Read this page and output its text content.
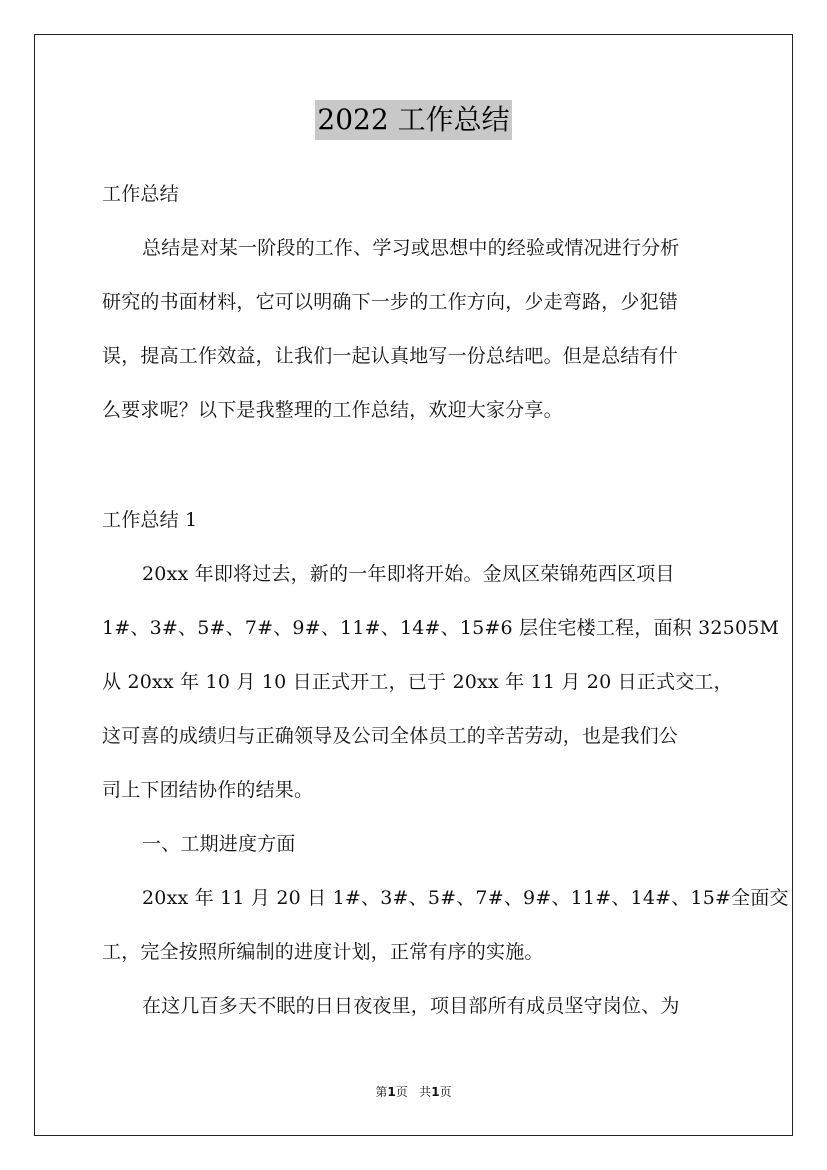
2022 工作总结
工作总结
总结是对某一阶段的工作、学习或思想中的经验或情况进行分析
研究的书面材料，它可以明确下一步的工作方向，少走弯路，少犯错
误，提高工作效益，让我们一起认真地写一份总结吧。但是总结有什
么要求呢？以下是我整理的工作总结，欢迎大家分享。
工作总结 1
20xx 年即将过去，新的一年即将开始。金凤区荣锦苑西区项目
1#、3#、5#、7#、9#、11#、14#、15#6 层住宅楼工程，面积 32505M
从 20xx 年 10 月 10 日正式开工，已于 20xx 年 11 月 20 日正式交工，
这可喜的成绩归与正确领导及公司全体员工的辛苦劳动，也是我们公
司上下团结协作的结果。
一、工期进度方面
20xx 年 11 月 20 日 1#、3#、5#、7#、9#、11#、14#、15#全面交
工，完全按照所编制的进度计划，正常有序的实施。
在这几百多天不眠的日日夜夜里，项目部所有成员坚守岗位、为
第1页 共1页
